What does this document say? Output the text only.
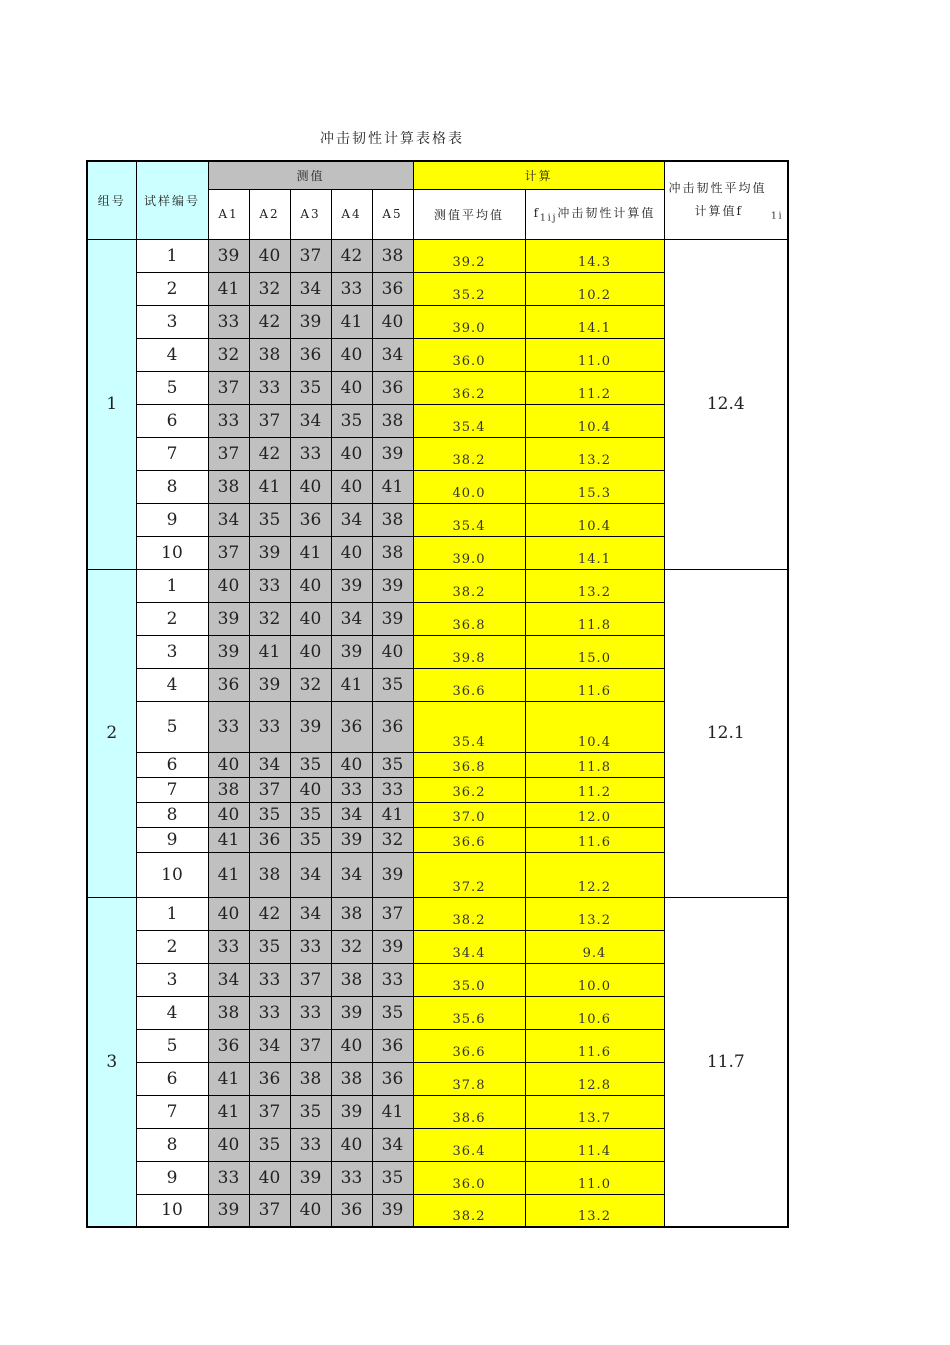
冲击韧性计算表格表
组号	试样编号	测值					计算		冲击韧性平均值
计算值f $_{1i}$

		A1	A2	A3	A4	A5	测值平均值	$f_{1ij}$冲击韧性计算值	
1	1	39	40	37	42	38	39.2	14.3	12.4
	2	41	32	34	33	36	35.2	10.2	
	3	33	42	39	41	40	39.0	14.1	
	4	32	38	36	40	34	36.0	11.0	
	5	37	33	35	40	36	36.2	11.2	
	6	33	37	34	35	38	35.4	10.4	
	7	37	42	33	40	39	38.2	13.2	
	8	38	41	40	40	41	40.0	15.3	
	9	34	35	36	34	38	35.4	10.4	
	10	37	39	41	40	38	39.0	14.1	
2	1	40	33	40	39	39	38.2	13.2	12.1
	2	39	32	40	34	39	36.8	11.8	
	3	39	41	40	39	40	39.8	15.0	
	4	36	39	32	41	35	36.6	11.6	
	5	33	33	39	36	36	35.4	10.4	
	6	40	34	35	40	35	36.8	11.8	
	7	38	37	40	33	33	36.2	11.2	
	8	40	35	35	34	41	37.0	12.0	
	9	41	36	35	39	32	36.6	11.6	
	10	41	38	34	34	39	37.2	12.2	
3	1	40	42	34	38	37	38.2	13.2	11.7
	2	33	35	33	32	39	34.4	9.4	
	3	34	33	37	38	33	35.0	10.0	
	4	38	33	33	39	35	35.6	10.6	
	5	36	34	37	40	36	36.6	11.6	
	6	41	36	38	38	36	37.8	12.8	
	7	41	37	35	39	41	38.6	13.7	
	8	40	35	33	40	34	36.4	11.4	
	9	33	40	39	33	35	36.0	11.0	
	10	39	37	40	36	39	38.2	13.2	
